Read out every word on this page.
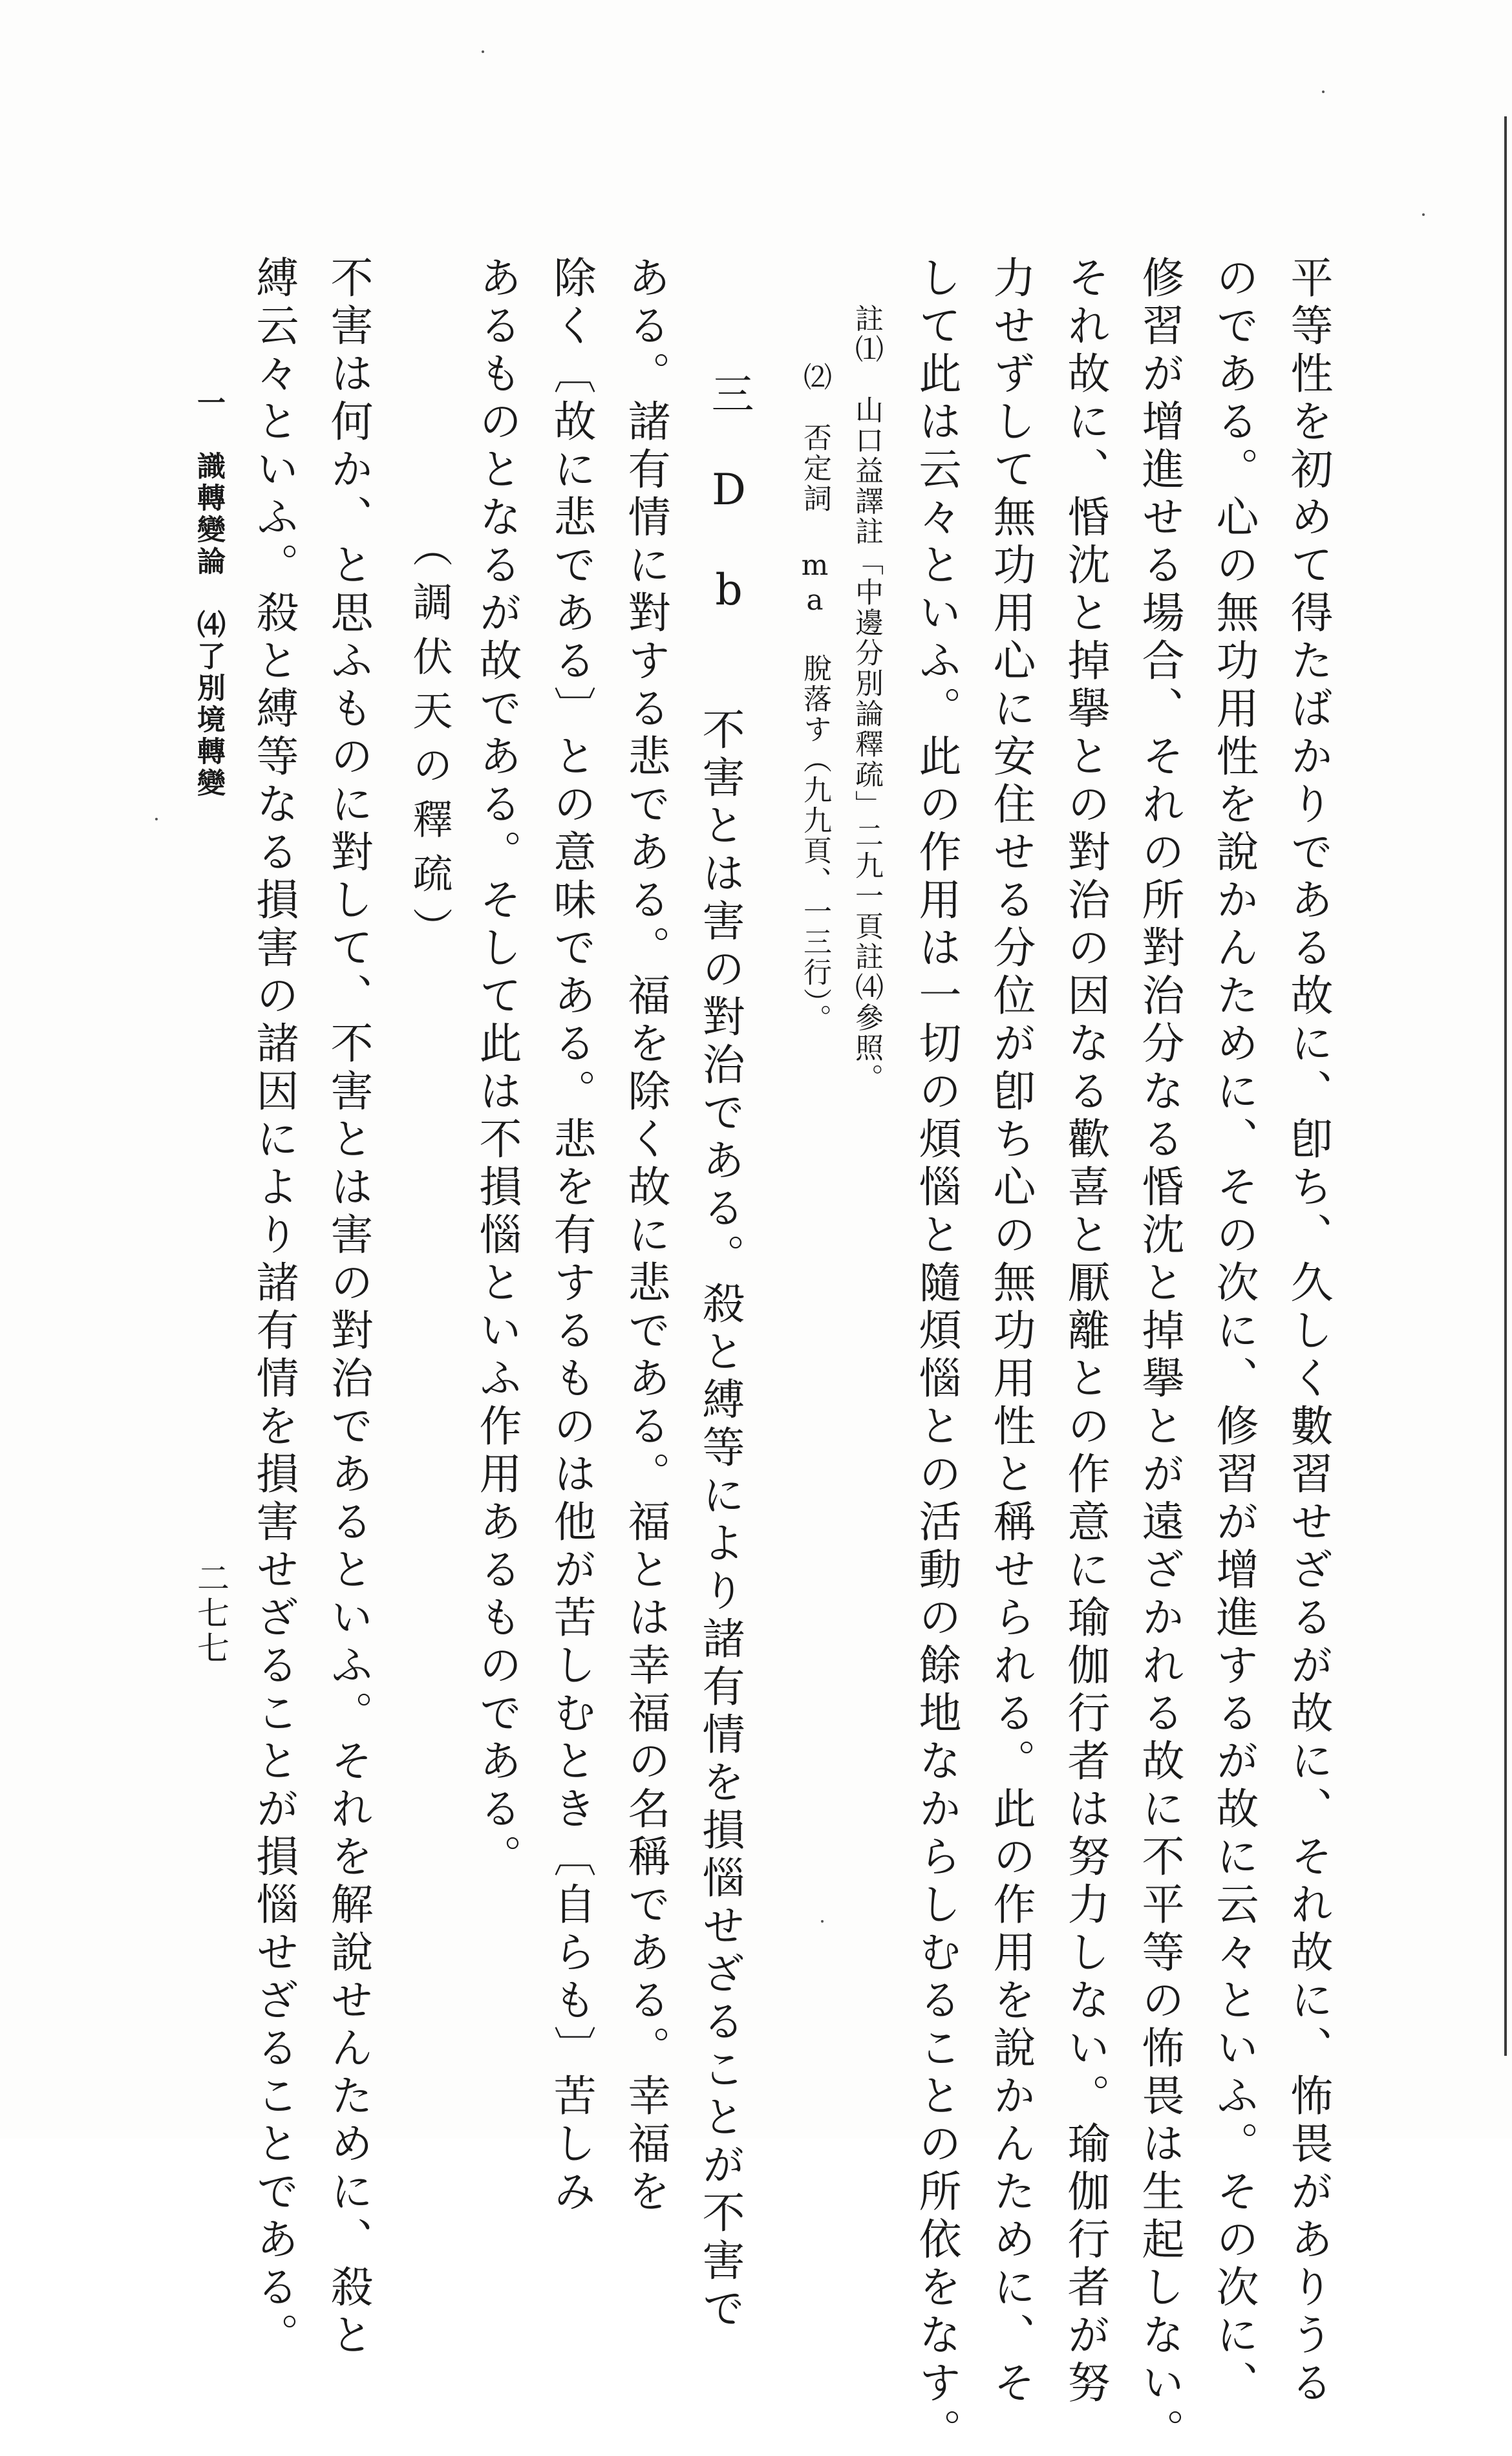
平等性を初めて得たばかりである故に、卽ち、久しく數習せざるが故に、それ故に、怖畏がありうる
のである。心の無功用性を說かんために、その次に、修習が增進するが故に云々といふ。その次に、
修習が增進せる場合、それの所對治分なる惛沈と掉擧とが遠ざかれる故に不平等の怖畏は生起しない。
それ故に、惛沈と掉擧との對治の因なる歡喜と厭離との作意に瑜伽行者は努力しない。瑜伽行者が努
力せずして無功用心に安住せる分位が卽ち心の無功用性と稱せられる。此の作用を說かんために、そ
して此は云々といふ。此の作用は一切の煩惱と隨煩惱との活動の餘地なからしむることの所依をなす。
註⑴　山口益譯註「中邊分別論釋疏」二九一頁註⑷參照。
⑵　否定詞 ma 脫落す（九九頁、一三行）。
三　D　b
　不害とは害の對治である。殺と縛等により諸有情を損惱せざることが不害で
ある。諸有情に對する悲である。福を除く故に悲である。福とは幸福の名稱である。幸福を
除く〔故に悲である〕との意味である。悲を有するものは他が苦しむとき〔自らも〕苦しみ
あるものとなるが故である。そして此は不損惱といふ作用あるものである。
（調伏天の釋疏）
不害は何か、と思ふものに對して、不害とは害の對治であるといふ。それを解說せんために、殺と
縛云々といふ。殺と縛等なる損害の諸因により諸有情を損害せざることが損惱せざることである。
一　識轉變論　⑷了別境轉變
二七七
